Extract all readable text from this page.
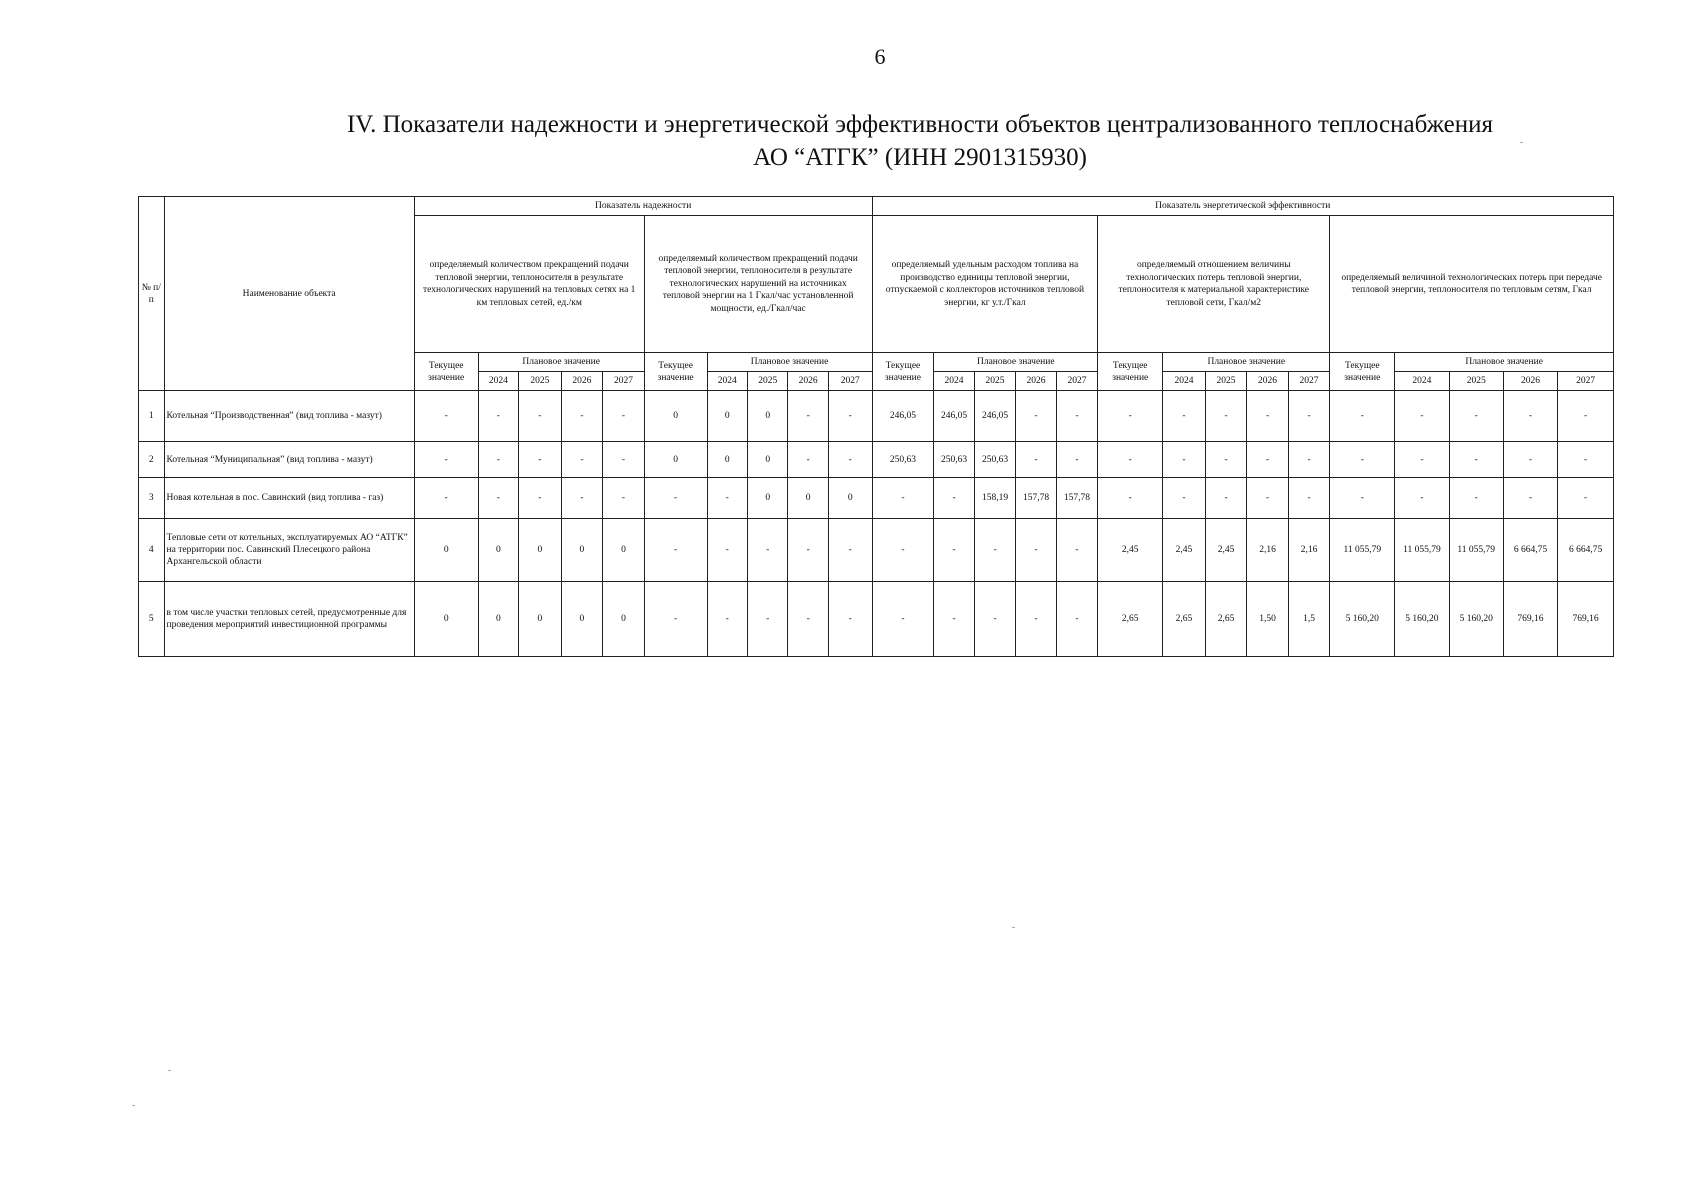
6
IV. Показатели надежности и энергетической эффективности объектов централизованного теплоснабжения
АО “АТГК” (ИНН 2901315930)
№ п/п	Наименование объекта	Показатель надежности										Показатель энергетической эффективности														
		определяемый количеством прекращений подачи тепловой энергии, теплоносителя в результате технологических нарушений на тепловых сетях на 1 км тепловых сетей, ед./км					определяемый количеством прекращений подачи тепловой энергии, теплоносителя в результате технологических нарушений на источниках тепловой энергии на 1 Гкал/час установленной мощности, ед./Гкал/час					определяемый удельным расходом топлива на производство единицы тепловой энергии, отпускаемой с коллекторов источников тепловой энергии, кг у.т./Гкал					определяемый отношением величины технологических потерь тепловой энергии, теплоносителя к материальной характеристике тепловой сети, Гкал/м2					определяемый величиной технологических потерь при передаче тепловой энергии, теплоносителя по тепловым сетям, Гкал				
		Текущее значение	Плановое значение				Текущее значение	Плановое значение				Текущее значение	Плановое значение				Текущее значение	Плановое значение				Текущее значение	Плановое значение			
			2024	2025	2026	2027		2024	2025	2026	2027		2024	2025	2026	2027		2024	2025	2026	2027		2024	2025	2026	2027
1	Котельная “Производственная” (вид топлива - мазут)	-	-	-	-	-	0	0	0	-	-	246,05	246,05	246,05	-	-	-	-	-	-	-	-	-	-	-	-
2	Котельная “Муниципальная” (вид топлива - мазут)	-	-	-	-	-	0	0	0	-	-	250,63	250,63	250,63	-	-	-	-	-	-	-	-	-	-	-	-
3	Новая котельная в пос. Савинский (вид топлива - газ)	-	-	-	-	-	-	-	0	0	0	-	-	158,19	157,78	157,78	-	-	-	-	-	-	-	-	-	-
4	Тепловые сети от котельных, эксплуатируемых АО “АТГК” на территории пос. Савинский Плесецкого района Архангельской области	0	0	0	0	0	-	-	-	-	-	-	-	-	-	-	2,45	2,45	2,45	2,16	2,16	11 055,79	11 055,79	11 055,79	6 664,75	6 664,75
5	в том числе участки тепловых сетей, предусмотренные для проведения мероприятий инвестиционной программы	0	0	0	0	0	-	-	-	-	-	-	-	-	-	-	2,65	2,65	2,65	1,50	1,5	5 160,20	5 160,20	5 160,20	769,16	769,16
